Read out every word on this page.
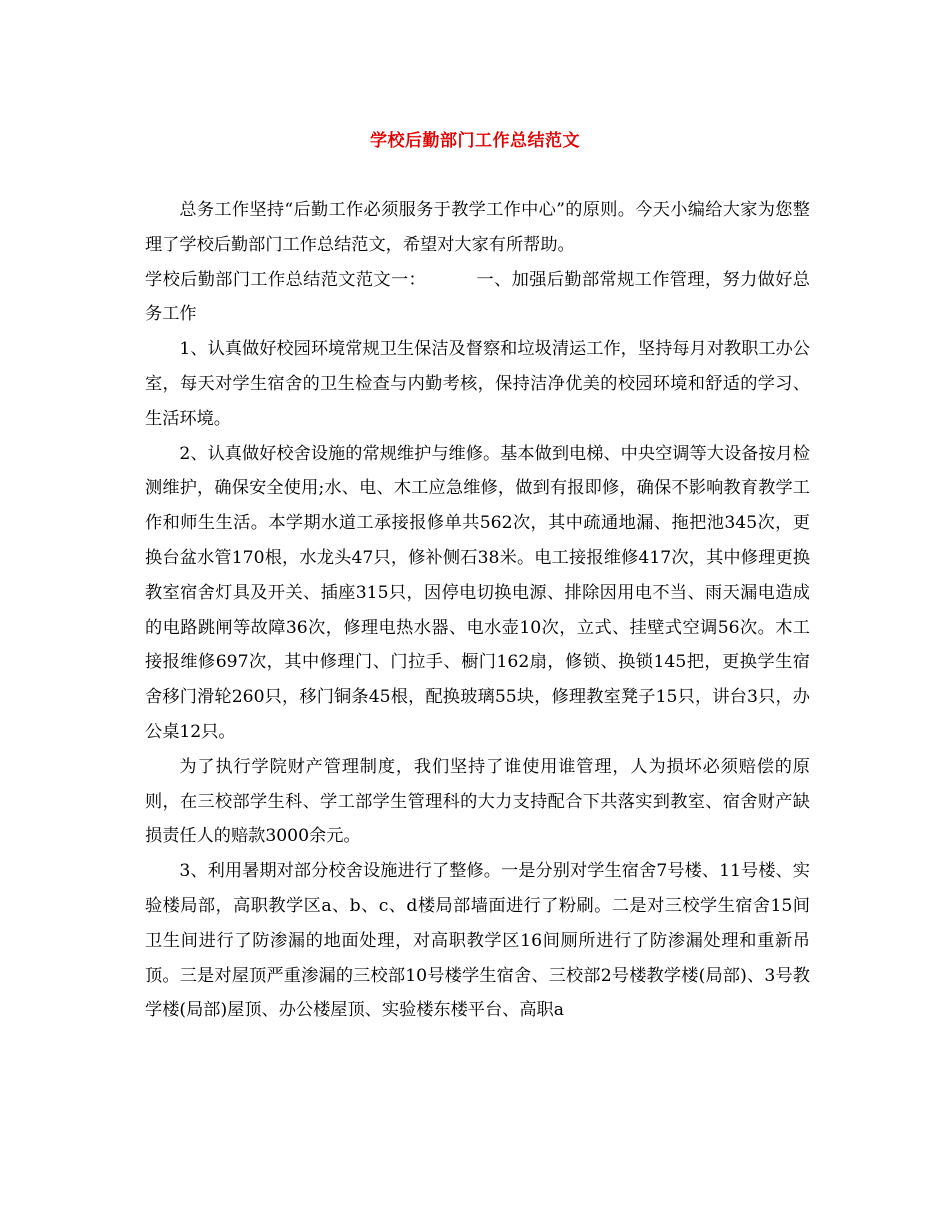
学校后勤部门工作总结范文

总务工作坚持“后勤工作必须服务于教学工作中心”的原则。今天小编给大家为您整理了学校后勤部门工作总结范文，希望对大家有所帮助。

学校后勤部门工作总结范文范文一：	一、加强后勤部常规工作管理，努力做好总务工作

1、认真做好校园环境常规卫生保洁及督察和垃圾清运工作，坚持每月对教职工办公室，每天对学生宿舍的卫生检查与内勤考核，保持洁净优美的校园环境和舒适的学习、生活环境。

2、认真做好校舍设施的常规维护与维修。基本做到电梯、中央空调等大设备按月检测维护，确保安全使用;水、电、木工应急维修，做到有报即修，确保不影响教育教学工作和师生生活。本学期水道工承接报修单共562次，其中疏通地漏、拖把池345次，更换台盆水管170根，水龙头47只，修补侧石38米。电工接报维修417次，其中修理更换教室宿舍灯具及开关、插座315只，因停电切换电源、排除因用电不当、雨天漏电造成的电路跳闸等故障36次，修理电热水器、电水壶10次，立式、挂壁式空调56次。木工接报维修697次，其中修理门、门拉手、橱门162扇，修锁、换锁145把，更换学生宿舍移门滑轮260只，移门铜条45根，配换玻璃55块，修理教室凳子15只，讲台3只，办公桌12只。

为了执行学院财产管理制度，我们坚持了谁使用谁管理，人为损坏必须赔偿的原则，在三校部学生科、学工部学生管理科的大力支持配合下共落实到教室、宿舍财产缺损责任人的赔款3000余元。

3、利用暑期对部分校舍设施进行了整修。一是分别对学生宿舍7号楼、11号楼、实验楼局部，高职教学区a、b、c、d楼局部墙面进行了粉刷。二是对三校学生宿舍15间卫生间进行了防渗漏的地面处理，对高职教学区16间厕所进行了防渗漏处理和重新吊顶。三是对屋顶严重渗漏的三校部10号楼学生宿舍、三校部2号楼教学楼(局部)、3号教学楼(局部)屋顶、办公楼屋顶、实验楼东楼平台、高职a
